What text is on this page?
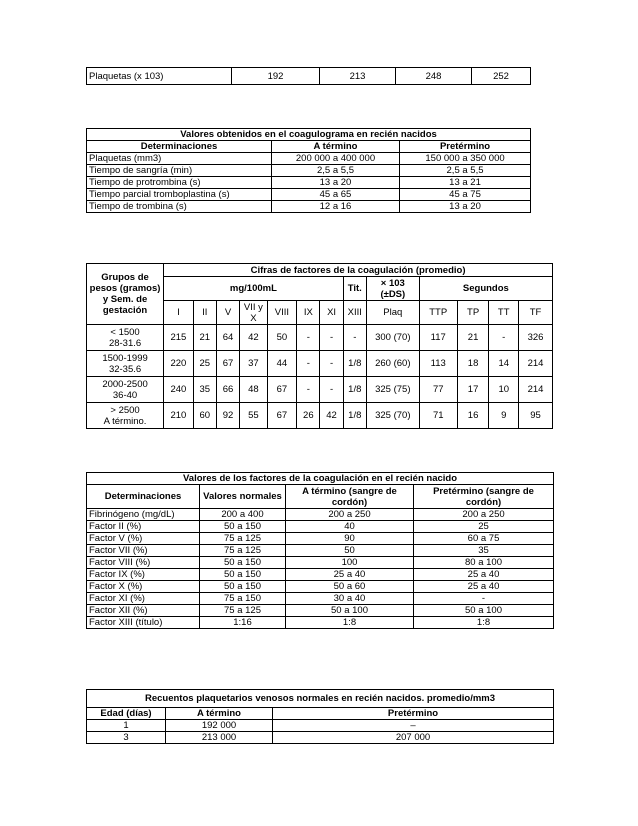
Plaquetas (x 103)	192	213	248	252
Valores obtenidos en el coagulograma en recién nacidos		
Determinaciones	A término	Pretérmino
Plaquetas (mm3)	200 000 a 400 000	150 000 a 350 000
Tiempo de sangría (min)	2,5 a 5,5	2,5 a 5,5
Tiempo de protrombina (s)	13 a 20	13 a 21
Tiempo parcial tromboplastina (s)	45 a 65	45 a 75
Tiempo de trombina (s)	12 a 16	13 a 20
Grupos de pesos (gramos) y Sem. de gestación	Cifras de factores de la coagulación (promedio)												
	mg/100mL							Tit.	× 103 (±DS)	Segundos			
	I	II	V	VII y X	VIII	IX	XI	XIII	Plaq	TTP	TP	TT	TF
< 1500
28-31.6	215	21	64	42	50	-	-	-	300 (70)	117	21	-	326
1500-1999
32-35.6	220	25	67	37	44	-	-	1/8	260 (60)	113	18	14	214
2000-2500
36-40	240	35	66	48	67	-	-	1/8	325 (75)	77	17	10	214
> 2500
A término.	210	60	92	55	67	26	42	1/8	325 (70)	71	16	9	95
Valores de los factores de la coagulación en el recién nacido			
Determinaciones	Valores normales	A término (sangre de cordón)	Pretérmino (sangre de cordón)
Fibrinógeno (mg/dL)	200 a 400	200 a 250	200 a 250
Factor II (%)	50 a 150	40	25
Factor V (%)	75 a 125	90	60 a 75
Factor VII (%)	75 a 125	50	35
Factor VIII (%)	50 a 150	100	80 a 100
Factor IX (%)	50 a 150	25 a 40	25 a 40
Factor X (%)	50 a 150	50 a 60	25 a 40
Factor XI (%)	75 a 150	30 a 40	-
Factor XII (%)	75 a 125	50 a 100	50 a 100
Factor XIII (título)	1:16	1:8	1:8
Recuentos plaquetarios venosos normales en recién nacidos. promedio/mm3		
Edad (días)	A término	Pretérmino
1	192 000	–
3	213 000	207 000
